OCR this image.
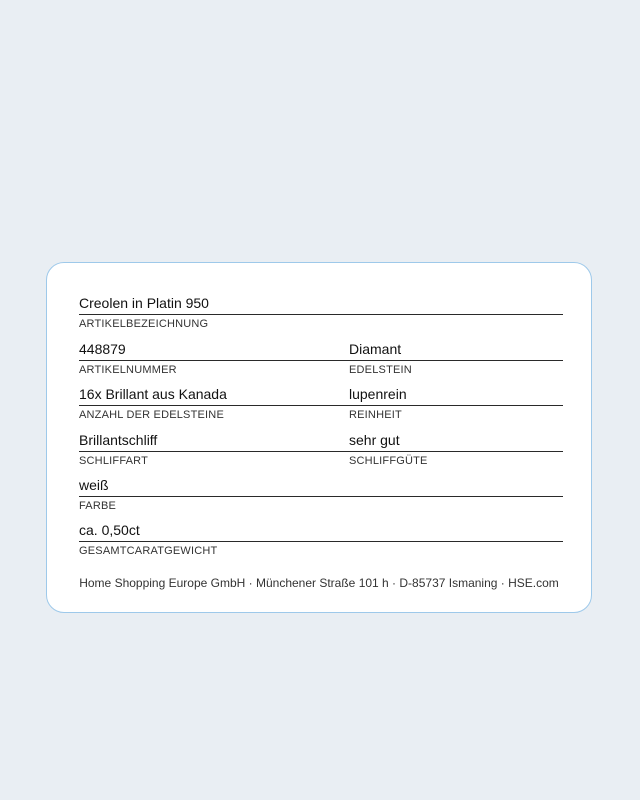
Creolen in Platin 950
ARTIKELBEZEICHNUNG
448879
ARTIKELNUMMER
Diamant
EDELSTEIN
16x Brillant aus Kanada
ANZAHL DER EDELSTEINE
lupenrein
REINHEIT
Brillantschliff
SCHLIFFART
sehr gut
SCHLIFFGÜTE
weiß
FARBE
ca. 0,50ct
GESAMTCARATGEWICHT
Home Shopping Europe GmbH · Münchener Straße 101 h · D-85737 Ismaning · HSE.com
